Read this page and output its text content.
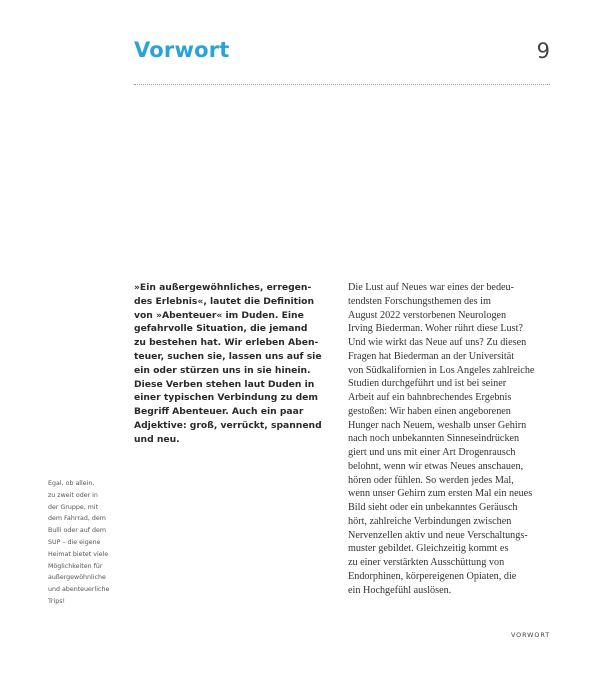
Vorwort	9

»Ein außergewöhnliches, erregen-
des Erlebnis«, lautet die Definition
von »Abenteuer« im Duden. Eine
gefahrvolle Situation, die jemand
zu bestehen hat. Wir erleben Aben-
teuer, suchen sie, lassen uns auf sie
ein oder stürzen uns in sie hinein.
Diese Verben stehen laut Duden in
einer typischen Verbindung zu dem
Begriff Abenteuer. Auch ein paar
Adjektive: groß, verrückt, spannend
und neu.

Die Lust auf Neues war eines der bedeu-
tendsten Forschungsthemen des im
August 2022 verstorbenen Neurologen
Irving Biederman. Woher rührt diese Lust?
Und wie wirkt das Neue auf uns? Zu diesen
Fragen hat Biederman an der Universität
von Südkalifornien in Los Angeles zahlreiche
Studien durchgeführt und ist bei seiner
Arbeit auf ein bahnbrechendes Ergebnis
gestoßen: Wir haben einen angeborenen
Hunger nach Neuem, weshalb unser Gehirn
nach noch unbekannten Sinneseindrücken
giert und uns mit einer Art Drogenrausch
belohnt, wenn wir etwas Neues anschauen,
hören oder fühlen. So werden jedes Mal,
wenn unser Gehirn zum ersten Mal ein neues
Bild sieht oder ein unbekanntes Geräusch
hört, zahlreiche Verbindungen zwischen
Nervenzellen aktiv und neue Verschaltungs-
muster gebildet. Gleichzeitig kommt es
zu einer verstärkten Ausschüttung von
Endorphinen, körpereigenen Opiaten, die
ein Hochgefühl auslösen.

Egal, ob allein,
zu zweit oder in
der Gruppe, mit
dem Fahrrad, dem
Bulli oder auf dem
SUP – die eigene
Heimat bietet viele
Möglichkeiten für
außergewöhnliche
und abenteuerliche
Trips!

VORWORT
